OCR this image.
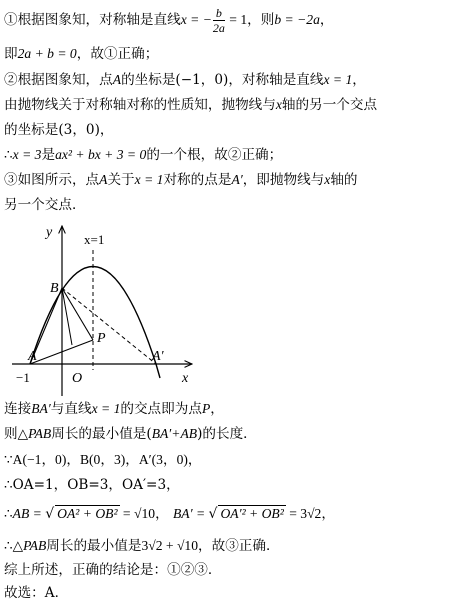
①根据图象知，对称轴是直线x = − $\frac{b}{2a} = 1$，则b = −2a，
即2a + b = 0，故①正确；
②根据图象知，点A的坐标是(−1，0)，对称轴是直线x = 1，
由抛物线关于对称轴对称的性质知，抛物线与x轴的另一个交点
的坐标是(3，0)，
∴x = 3是ax² + bx + 3 = 0的一个根，故②正确；
③如图所示，点A关于x = 1对称的点是A′，即抛物线与x轴的
另一个交点．
y
x
x=1
B
P
A	A′
−1	O
连接BA′与直线x = 1的交点即为点P，
则△PAB周长的最小值是(BA′+AB)的长度．
∵A(−1，0)，B(0，3)，A′(3，0)，
∴OA=1，OB=3，OA′=3，
∴AB = √ OA² + OB² = √10， BA′ = √ OA′² + OB² = 3√2，
∴△PAB周长的最小值是3√2 + √10，故③正确．
综上所述，正确的结论是：①②③．
故选：A．
